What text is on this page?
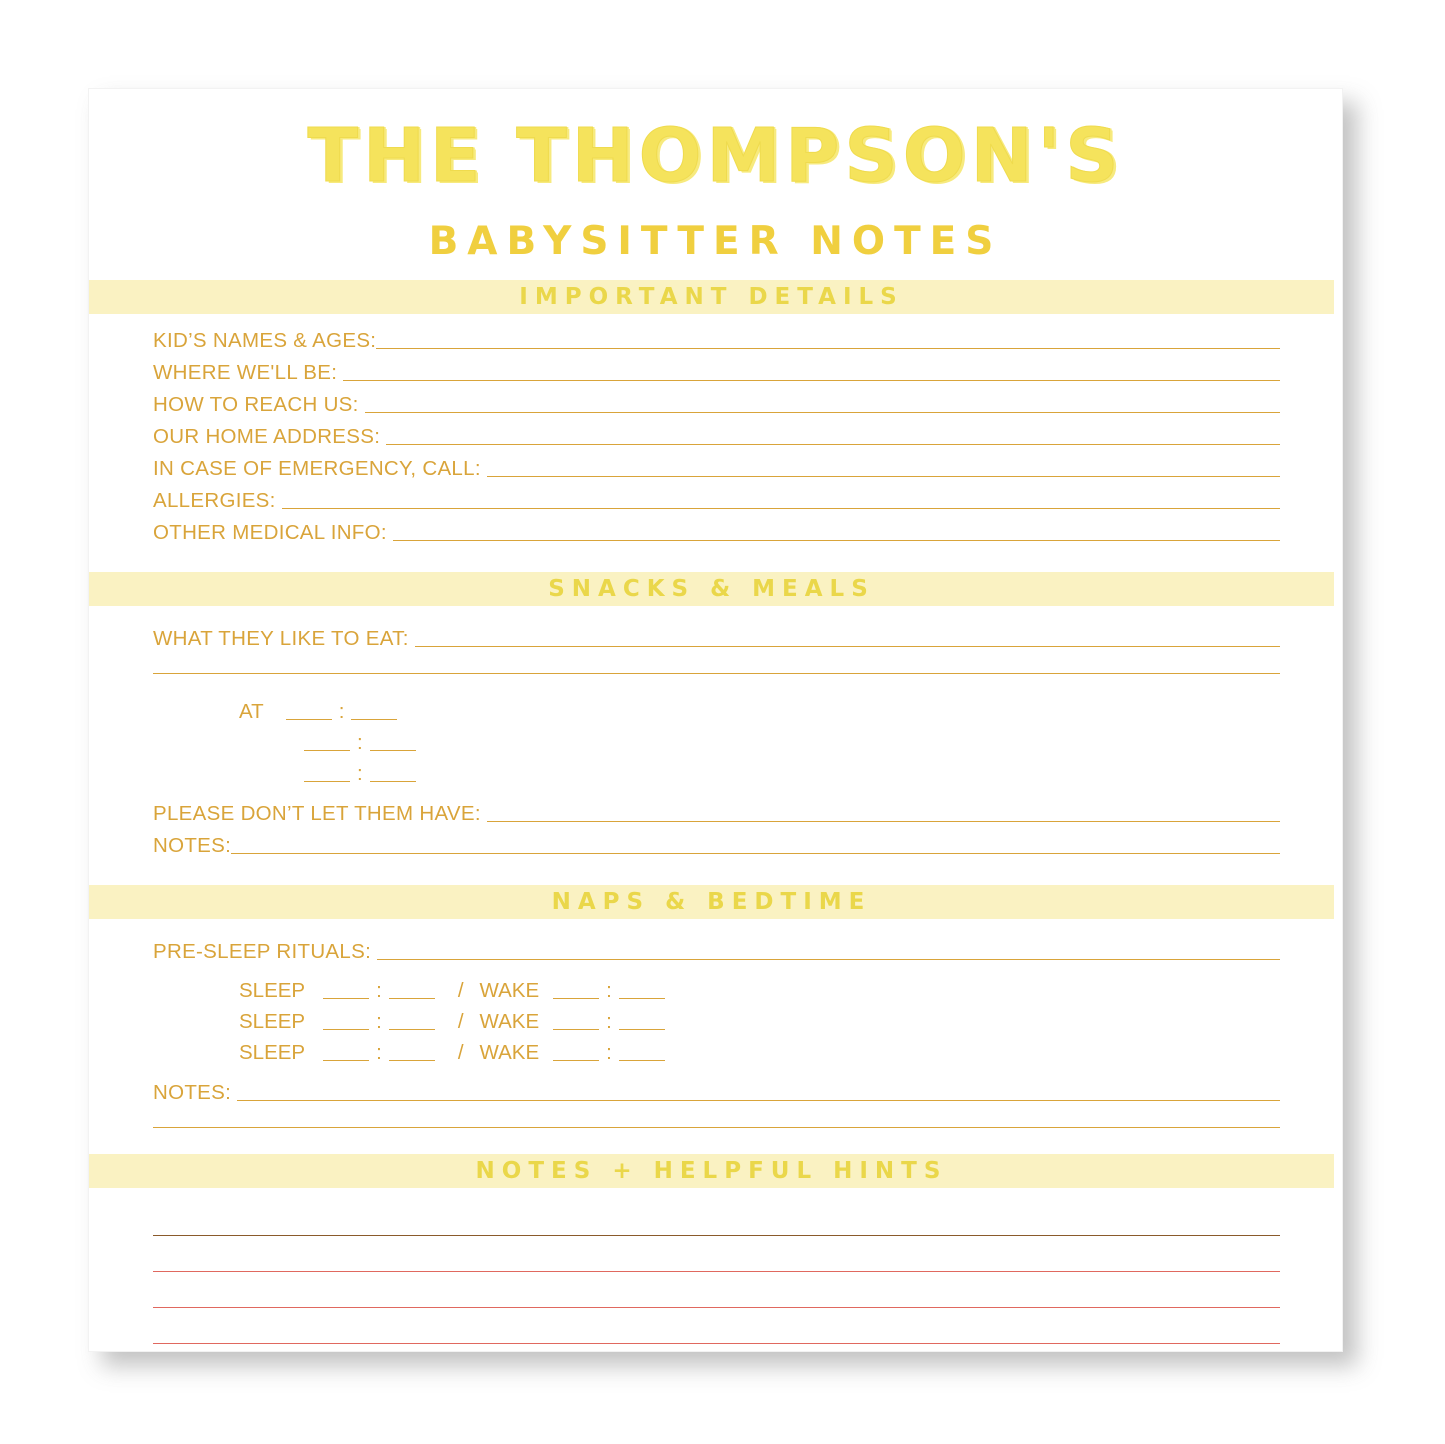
THE THOMPSON'S
BABYSITTER NOTES
IMPORTANT DETAILS
KID’S NAMES & AGES:
WHERE WE'LL BE:
HOW TO REACH US:
OUR HOME ADDRESS:
IN CASE OF EMERGENCY, CALL:
ALLERGIES:
OTHER MEDICAL INFO:
SNACKS & MEALS
WHAT THEY LIKE TO EAT:
AT	:
:
:
PLEASE DON’T LET THEM HAVE:
NOTES:
NAPS & BEDTIME
PRE-SLEEP RITUALS:
SLEEP	:	/ WAKE	:
SLEEP	:	/ WAKE	:
SLEEP	:	/ WAKE	:
NOTES:
NOTES + HELPFUL HINTS
